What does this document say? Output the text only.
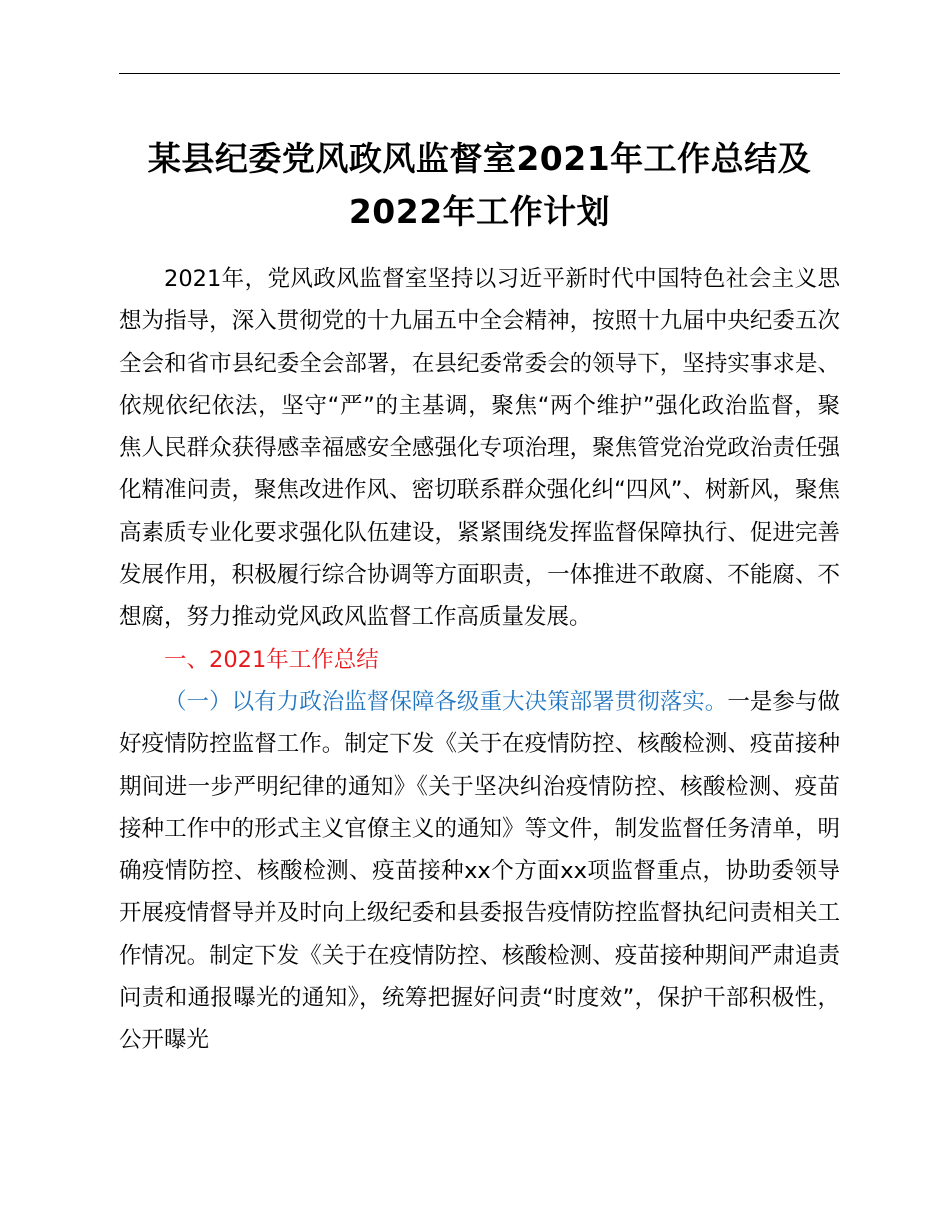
某县纪委党风政风监督室2021年工作总结及
2022年工作计划

2021年，党风政风监督室坚持以习近平新时代中国特色社会主义思想为指导，深入贯彻党的十九届五中全会精神，按照十九届中央纪委五次全会和省市县纪委全会部署，在县纪委常委会的领导下，坚持实事求是、依规依纪依法，坚守“严”的主基调，聚焦“两个维护”强化政治监督，聚焦人民群众获得感幸福感安全感强化专项治理，聚焦管党治党政治责任强化精准问责，聚焦改进作风、密切联系群众强化纠“四风”、树新风，聚焦高素质专业化要求强化队伍建设，紧紧围绕发挥监督保障执行、促进完善发展作用，积极履行综合协调等方面职责，一体推进不敢腐、不能腐、不想腐，努力推动党风政风监督工作高质量发展。

一、2021年工作总结

（一）以有力政治监督保障各级重大决策部署贯彻落实。一是参与做好疫情防控监督工作。制定下发《关于在疫情防控、核酸检测、疫苗接种期间进一步严明纪律的通知》《关于坚决纠治疫情防控、核酸检测、疫苗接种工作中的形式主义官僚主义的通知》等文件，制发监督任务清单，明确疫情防控、核酸检测、疫苗接种xx个方面xx项监督重点，协助委领导开展疫情督导并及时向上级纪委和县委报告疫情防控监督执纪问责相关工作情况。制定下发《关于在疫情防控、核酸检测、疫苗接种期间严肃追责问责和通报曝光的通知》，统筹把握好问责“时度效”，保护干部积极性，公开曝光
